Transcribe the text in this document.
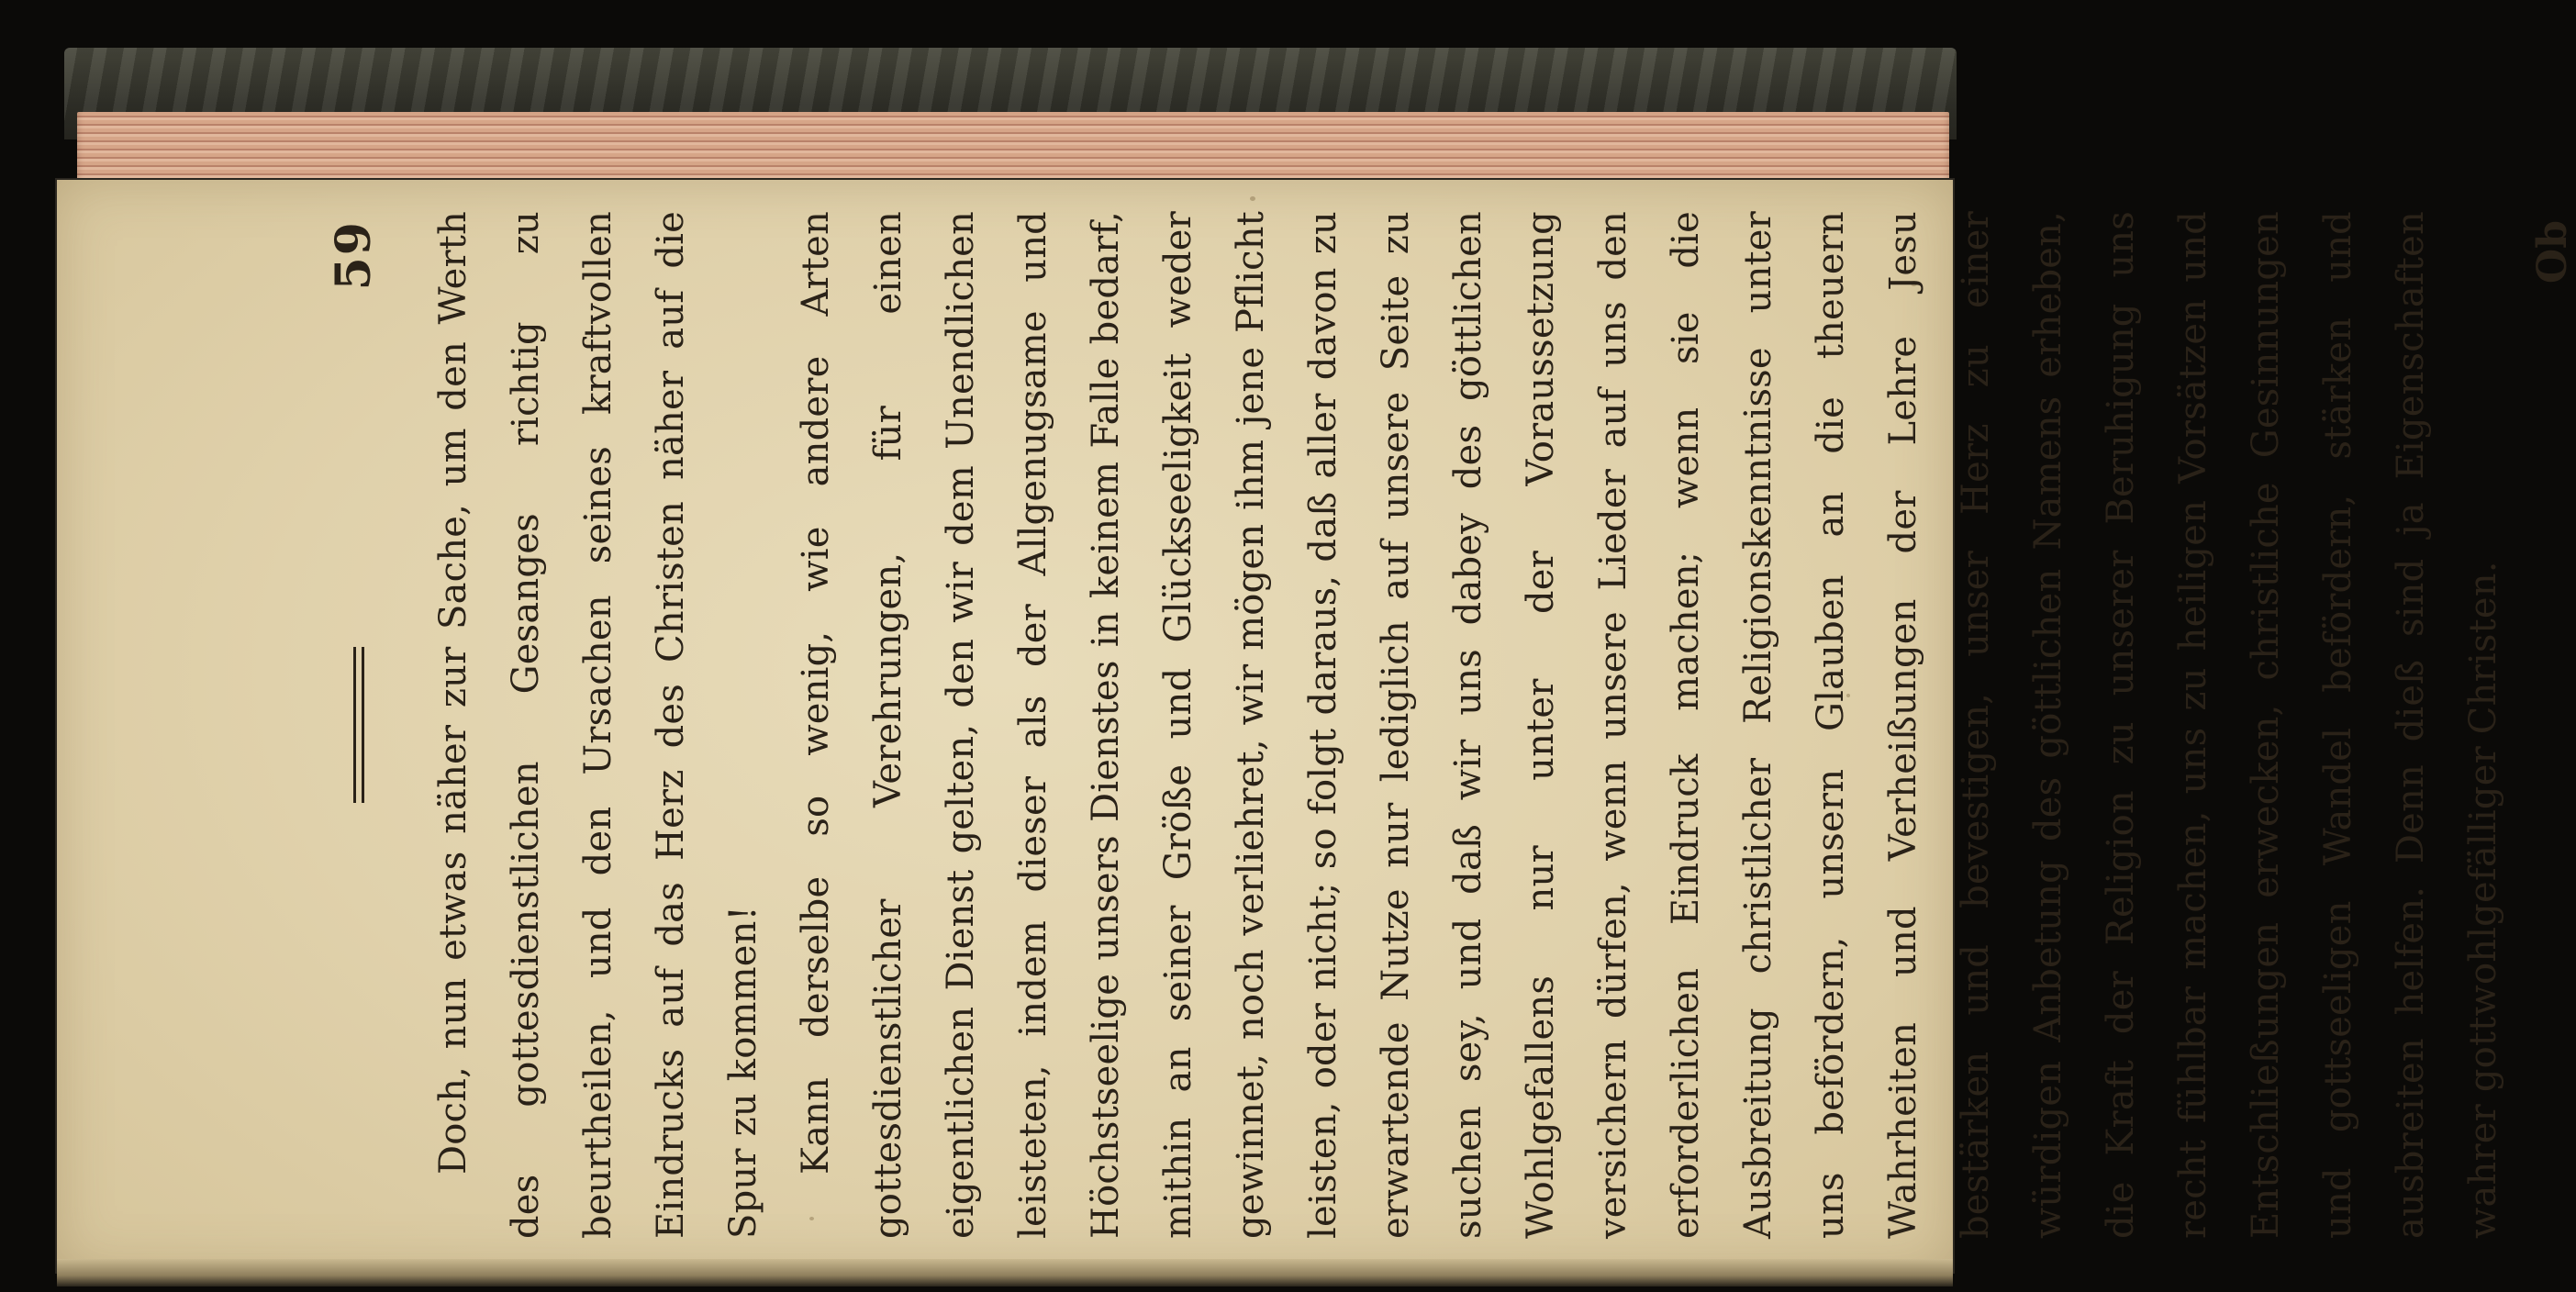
59	Doch, nun etwas näher zur Sache, um den Werth des gottesdienstlichen Gesanges richtig zu beurtheilen, und den Ursachen seines kraftvollen Eindrucks auf das Herz des Christen näher auf die Spur zu kommen! Kann derselbe so wenig, wie andere Arten gottesdienstlicher Verehrungen, für einen eigentlichen Dienst gelten, den wir dem Unendlichen leisteten, indem dieser als der Allgenugsame und Höchstseelige unsers Dienstes in keinem Falle bedarf, mithin an seiner Größe und Glückseeligkeit weder gewinnet, noch verliehret, wir mögen ihm jene Pflicht leisten, oder nicht; so folgt daraus, daß aller davon zu erwartende Nutze nur lediglich auf unsere Seite zu suchen sey, und daß wir uns dabey des göttlichen Wohlgefallens nur unter der Voraussetzung versichern dürfen, wenn unsere Lieder auf uns den erforderlichen Eindruck machen; wenn sie die Ausbreitung christlicher Religionskenntnisse unter uns befördern, unsern Glauben an die theuern Wahrheiten und Verheißungen der Lehre Jesu bestärken und bevestigen, unser Herz zu einer würdigen Anbetung des göttlichen Namens erheben, die Kraft der Religion zu unserer Beruhigung uns recht fühlbar machen, uns zu heiligen Vorsätzen und Entschließungen erwecken, christliche Gesinnungen und gottseeligen Wandel befördern, stärken und ausbreiten helfen. Denn dieß sind ja Eigenschaften wahrer gottwohlgefälliger Christen.

Ob
